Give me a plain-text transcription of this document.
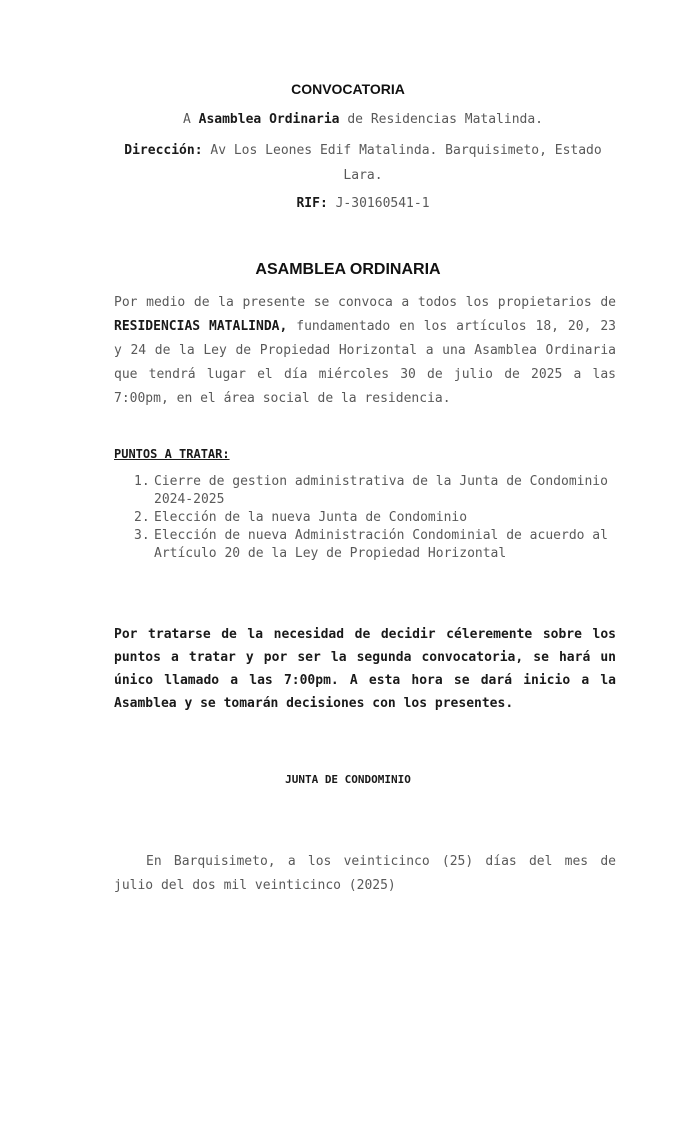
CONVOCATORIA
A Asamblea Ordinaria de Residencias Matalinda.
Dirección: Av Los Leones Edif Matalinda. Barquisimeto, Estado Lara.
RIF: J-30160541-1
ASAMBLEA ORDINARIA
Por medio de la presente se convoca a todos los propietarios de RESIDENCIAS MATALINDA, fundamentado en los artículos 18, 20, 23 y 24 de la Ley de Propiedad Horizontal a una Asamblea Ordinaria que tendrá lugar el día miércoles 30 de julio de 2025 a las 7:00pm, en el área social de la residencia.
PUNTOS A TRATAR:
1. Cierre de gestion administrativa de la Junta de Condominio 2024-2025
2. Elección de la nueva Junta de Condominio
3. Elección de nueva Administración Condominial de acuerdo al Artículo 20 de la Ley de Propiedad Horizontal
Por tratarse de la necesidad de decidir céleremente sobre los puntos a tratar y por ser la segunda convocatoria, se hará un único llamado a las 7:00pm. A esta hora se dará inicio a la Asamblea y se tomarán decisiones con los presentes.
JUNTA DE CONDOMINIO
En Barquisimeto, a los veinticinco (25) días del mes de julio del dos mil veinticinco (2025)
